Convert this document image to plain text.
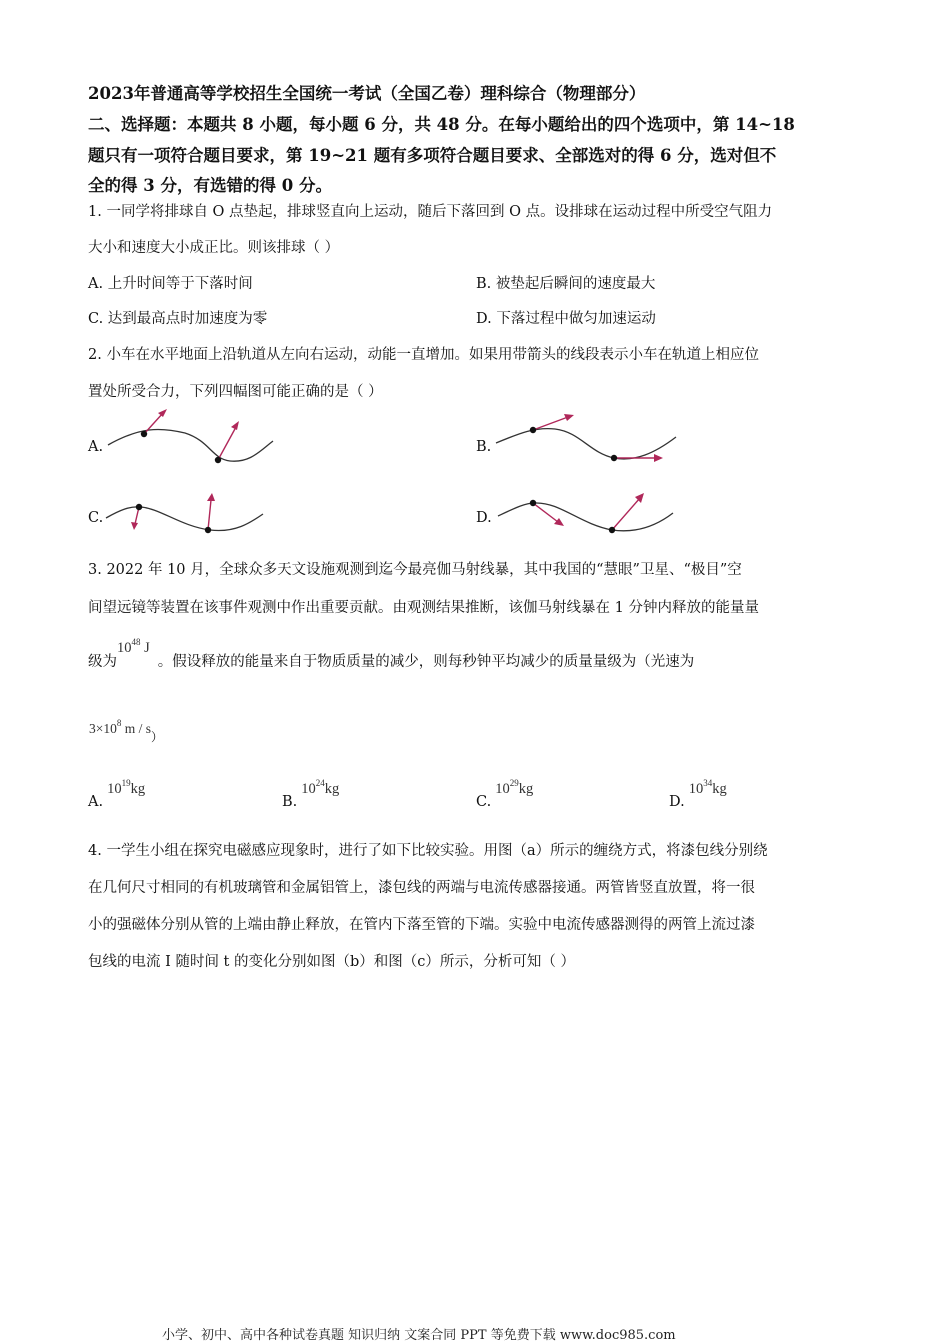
2023年普通高等学校招生全国统一考试（全国乙卷）理科综合（物理部分）
二、选择题：本题共 8 小题，每小题 6 分，共 48 分。在每小题给出的四个选项中，第 14~18
题只有一项符合题目要求，第 19~21 题有多项符合题目要求、全部选对的得 6 分，选对但不
全的得 3 分，有选错的得 0 分。
1. 一同学将排球自 O 点垫起，排球竖直向上运动，随后下落回到 O 点。设排球在运动过程中所受空气阻力
大小和速度大小成正比。则该排球（ ）
A. 上升时间等于下落时间	B. 被垫起后瞬间的速度最大
C. 达到最高点时加速度为零	D. 下落过程中做匀加速运动
2. 小车在水平地面上沿轨道从左向右运动，动能一直增加。如果用带箭头的线段表示小车在轨道上相应位
置处所受合力，下列四幅图可能正确的是（ ）
A.	B.
C.	D.
3. 2022 年 10 月，全球众多天文设施观测到迄今最亮伽马射线暴，其中我国的“慧眼”卫星、“极目”空
间望远镜等装置在该事件观测中作出重要贡献。由观测结果推断，该伽马射线暴在 1 分钟内释放的能量量
级为$10^{48}$ J。假设释放的能量来自于物质质量的减少，则每秒钟平均减少的质量量级为（光速为
$3\times 10^8$ m / $s_)$
$A.10^{19}kg$
$B.10^{24}kg$
$C.10^{29}kg$
$D.10^{34}kg$
4. 一学生小组在探究电磁感应现象时，进行了如下比较实验。用图（a）所示的缠绕方式，将漆包线分别绕
在几何尺寸相同的有机玻璃管和金属铝管上，漆包线的两端与电流传感器接通。两管皆竖直放置，将一很
小的强磁体分别从管的上端由静止释放，在管内下落至管的下端。实验中电流传感器测得的两管上流过漆
包线的电流 I 随时间 t 的变化分别如图（b）和图（c）所示，分析可知（ ）
小学、初中、高中各种试卷真题 知识归纳 文案合同 PPT 等免费下载 www.doc985.com
